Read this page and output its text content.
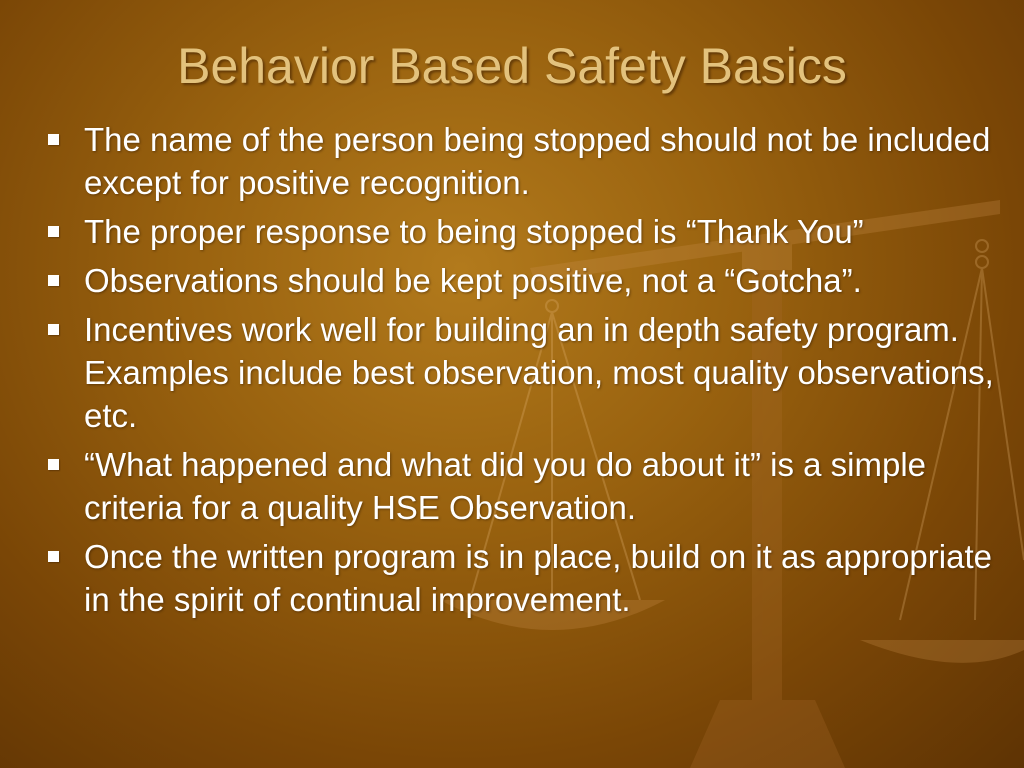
Behavior Based Safety Basics
The name of the person being stopped should not be included except for positive recognition.
The proper response to being stopped is “Thank You”
Observations should be kept positive, not a “Gotcha”.
Incentives work well for building an in depth safety program. Examples include best observation, most quality observations, etc.
“What happened and what did you do about it” is a simple criteria for a quality HSE Observation.
Once the written program is in place, build on it as appropriate in the spirit of continual improvement.
